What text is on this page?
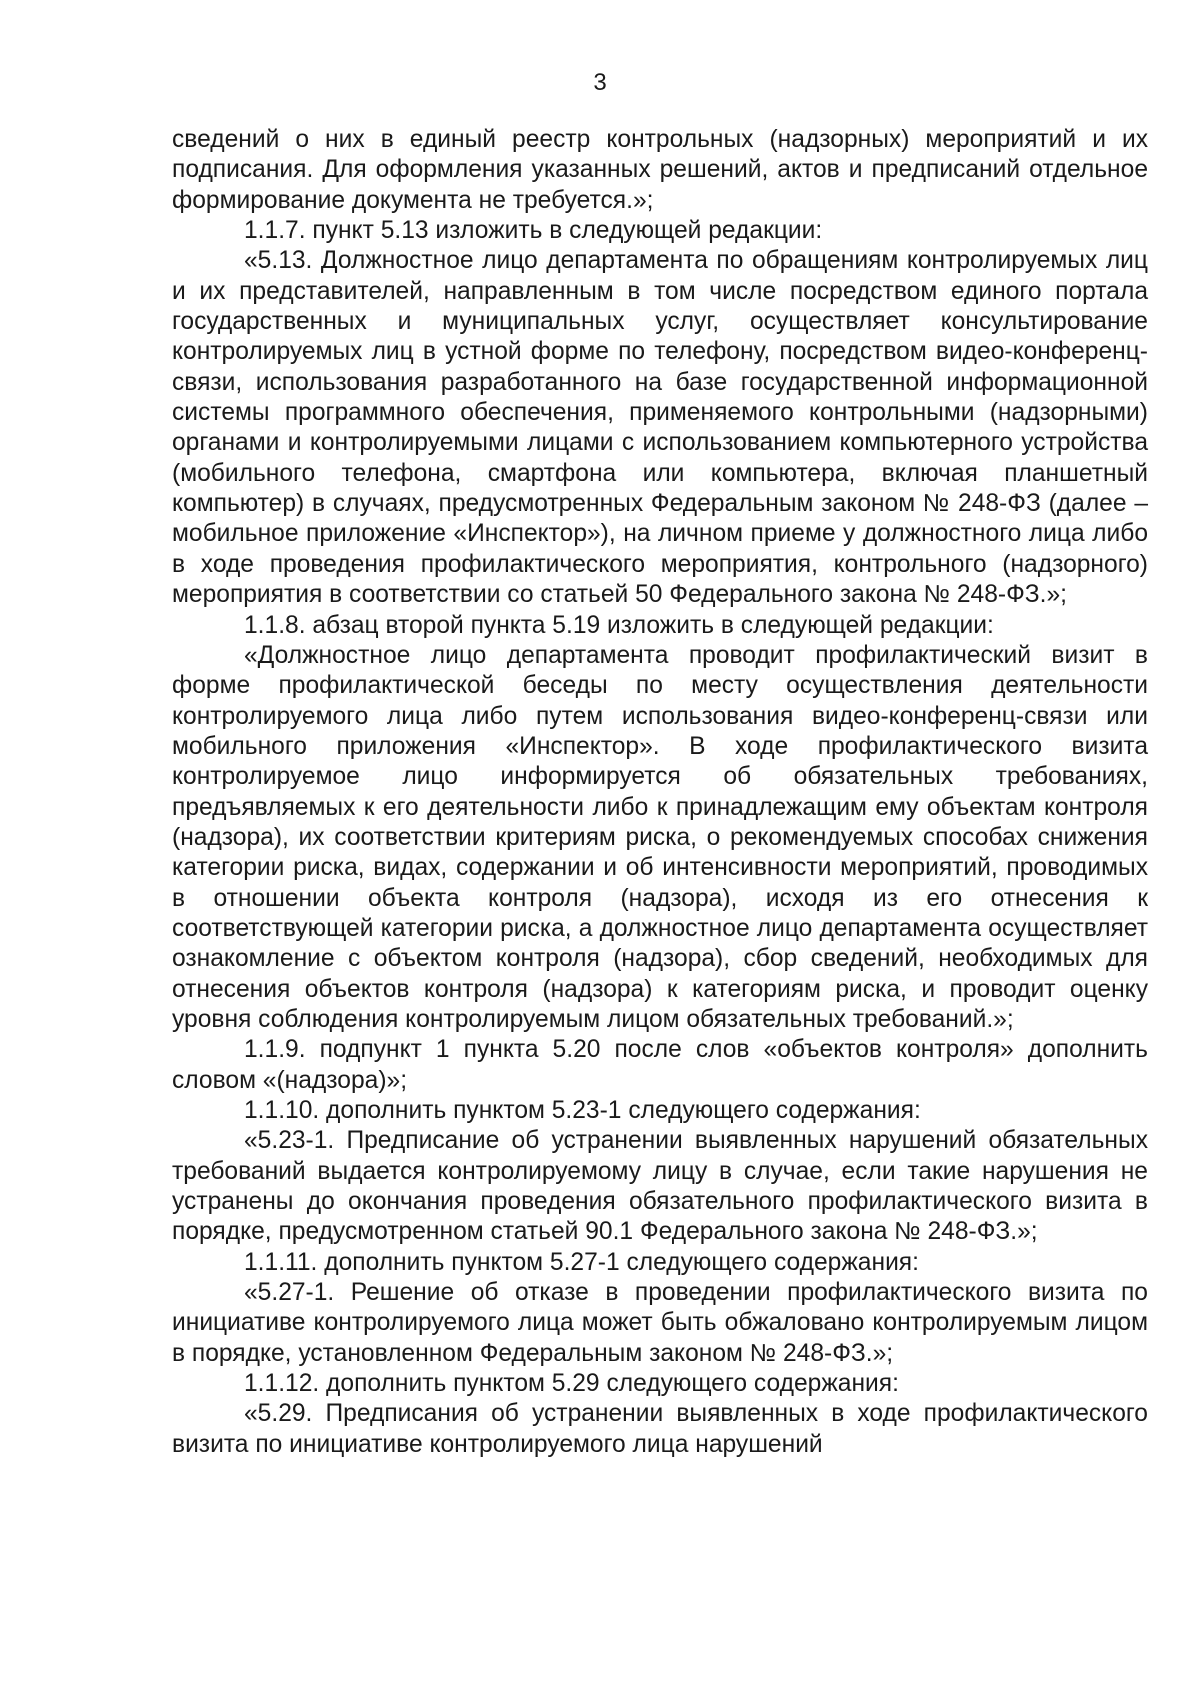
3

сведений о них в единый реестр контрольных (надзорных) мероприятий и их подписания. Для оформления указанных решений, актов и предписаний отдельное формирование документа не требуется.»;

1.1.7. пункт 5.13 изложить в следующей редакции:

«5.13. Должностное лицо департамента по обращениям контролируемых лиц и их представителей, направленным в том числе посредством единого портала государственных и муниципальных услуг, осуществляет консультирование контролируемых лиц в устной форме по телефону, посредством видео-конференц-связи, использования разработанного на базе государственной информационной системы программного обеспечения, применяемого контрольными (надзорными) органами и контролируемыми лицами с использованием компьютерного устройства (мобильного телефона, смартфона или компьютера, включая планшетный компьютер) в случаях, предусмотренных Федеральным законом № 248-ФЗ (далее – мобильное приложение «Инспектор»), на личном приеме у должностного лица либо в ходе проведения профилактического мероприятия, контрольного (надзорного) мероприятия в соответствии со статьей 50 Федерального закона № 248-ФЗ.»;

1.1.8. абзац второй пункта 5.19 изложить в следующей редакции:

«Должностное лицо департамента проводит профилактический визит в форме профилактической беседы по месту осуществления деятельности контролируемого лица либо путем использования видео-конференц-связи или мобильного приложения «Инспектор». В ходе профилактического визита контролируемое лицо информируется об обязательных требованиях, предъявляемых к его деятельности либо к принадлежащим ему объектам контроля (надзора), их соответствии критериям риска, о рекомендуемых способах снижения категории риска, видах, содержании и об интенсивности мероприятий, проводимых в отношении объекта контроля (надзора), исходя из его отнесения к соответствующей категории риска, а должностное лицо департамента осуществляет ознакомление с объектом контроля (надзора), сбор сведений, необходимых для отнесения объектов контроля (надзора) к категориям риска, и проводит оценку уровня соблюдения контролируемым лицом обязательных требований.»;

1.1.9. подпункт 1 пункта 5.20 после слов «объектов контроля» дополнить словом «(надзора)»;

1.1.10. дополнить пунктом 5.23-1 следующего содержания:

«5.23-1. Предписание об устранении выявленных нарушений обязательных требований выдается контролируемому лицу в случае, если такие нарушения не устранены до окончания проведения обязательного профилактического визита в порядке, предусмотренном статьей 90.1 Федерального закона № 248-ФЗ.»;

1.1.11. дополнить пунктом 5.27-1 следующего содержания:

«5.27-1. Решение об отказе в проведении профилактического визита по инициативе контролируемого лица может быть обжаловано контролируемым лицом в порядке, установленном Федеральным законом № 248-ФЗ.»;

1.1.12. дополнить пунктом 5.29 следующего содержания:

«5.29. Предписания об устранении выявленных в ходе профилактического визита по инициативе контролируемого лица нарушений
